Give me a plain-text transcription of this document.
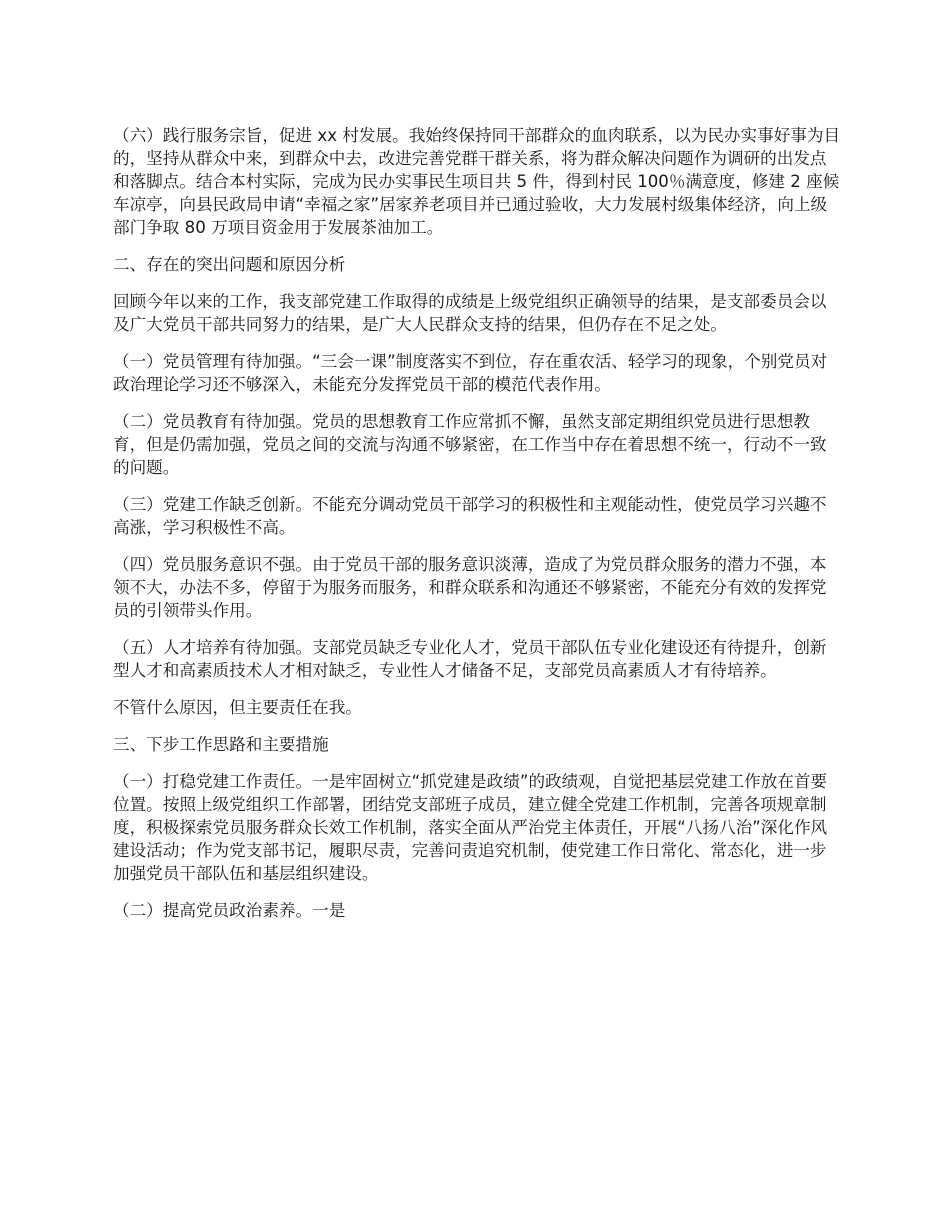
（六）践行服务宗旨，促进 xx 村发展。我始终保持同干部群众的血肉联系，以为民办实事好事为目的，坚持从群众中来，到群众中去，改进完善党群干群关系，将为群众解决问题作为调研的出发点和落脚点。结合本村实际，完成为民办实事民生项目共 5 件，得到村民 100％满意度，修建 2 座候车凉亭，向县民政局申请“幸福之家”居家养老项目并已通过验收，大力发展村级集体经济，向上级部门争取 80 万项目资金用于发展茶油加工。

二、存在的突出问题和原因分析

回顾今年以来的工作，我支部党建工作取得的成绩是上级党组织正确领导的结果，是支部委员会以及广大党员干部共同努力的结果，是广大人民群众支持的结果，但仍存在不足之处。

（一）党员管理有待加强。“三会一课”制度落实不到位，存在重农活、轻学习的现象，个别党员对政治理论学习还不够深入，未能充分发挥党员干部的模范代表作用。

（二）党员教育有待加强。党员的思想教育工作应常抓不懈，虽然支部定期组织党员进行思想教育，但是仍需加强，党员之间的交流与沟通不够紧密，在工作当中存在着思想不统一，行动不一致的问题。

（三）党建工作缺乏创新。不能充分调动党员干部学习的积极性和主观能动性，使党员学习兴趣不高涨，学习积极性不高。

（四）党员服务意识不强。由于党员干部的服务意识淡薄，造成了为党员群众服务的潜力不强，本领不大，办法不多，停留于为服务而服务，和群众联系和沟通还不够紧密，不能充分有效的发挥党员的引领带头作用。

（五）人才培养有待加强。支部党员缺乏专业化人才，党员干部队伍专业化建设还有待提升，创新型人才和高素质技术人才相对缺乏，专业性人才储备不足，支部党员高素质人才有待培养。

不管什么原因，但主要责任在我。

三、下步工作思路和主要措施

（一）打稳党建工作责任。一是牢固树立“抓党建是政绩”的政绩观，自觉把基层党建工作放在首要位置。按照上级党组织工作部署，团结党支部班子成员，建立健全党建工作机制，完善各项规章制度，积极探索党员服务群众长效工作机制，落实全面从严治党主体责任，开展“八扬八治”深化作风建设活动；作为党支部书记，履职尽责，完善问责追究机制，使党建工作日常化、常态化，进一步加强党员干部队伍和基层组织建设。

（二）提高党员政治素养。一是
